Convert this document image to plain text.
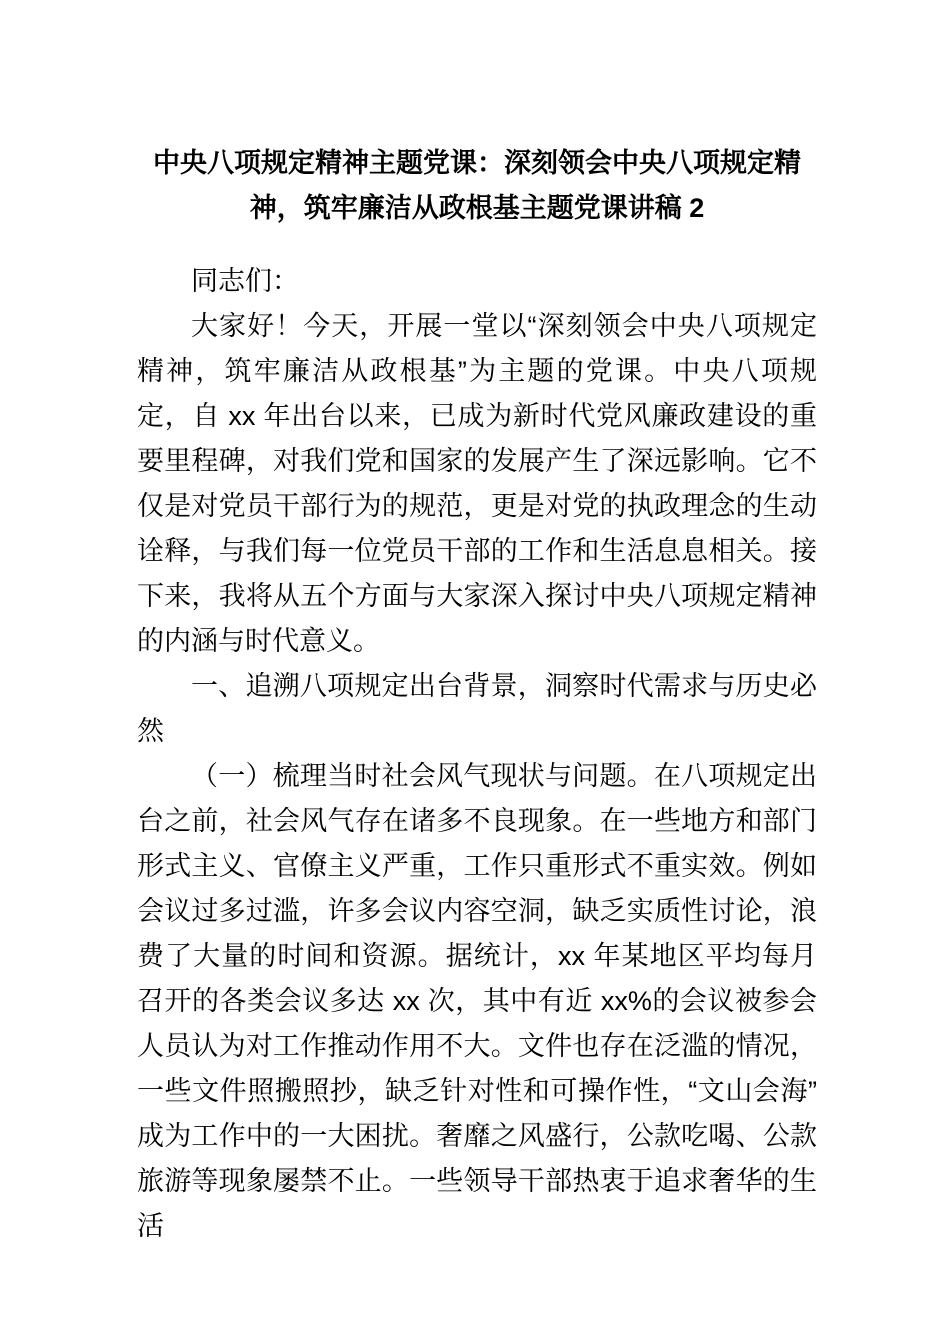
中央八项规定精神主题党课：深刻领会中央八项规定精神，筑牢廉洁从政根基主题党课讲稿 2

同志们：

大家好！今天，开展一堂以“深刻领会中央八项规定精神，筑牢廉洁从政根基”为主题的党课。中央八项规定，自 xx 年出台以来，已成为新时代党风廉政建设的重要里程碑，对我们党和国家的发展产生了深远影响。它不仅是对党员干部行为的规范，更是对党的执政理念的生动诠释，与我们每一位党员干部的工作和生活息息相关。接下来，我将从五个方面与大家深入探讨中央八项规定精神的内涵与时代意义。

一、追溯八项规定出台背景，洞察时代需求与历史必然

（一）梳理当时社会风气现状与问题。在八项规定出台之前，社会风气存在诸多不良现象。在一些地方和部门形式主义、官僚主义严重，工作只重形式不重实效。例如会议过多过滥，许多会议内容空洞，缺乏实质性讨论，浪费了大量的时间和资源。据统计，xx 年某地区平均每月召开的各类会议多达 xx 次，其中有近 xx%的会议被参会人员认为对工作推动作用不大。文件也存在泛滥的情况，一些文件照搬照抄，缺乏针对性和可操作性，“文山会海”成为工作中的一大困扰。奢靡之风盛行，公款吃喝、公款旅游等现象屡禁不止。一些领导干部热衷于追求奢华的生活
